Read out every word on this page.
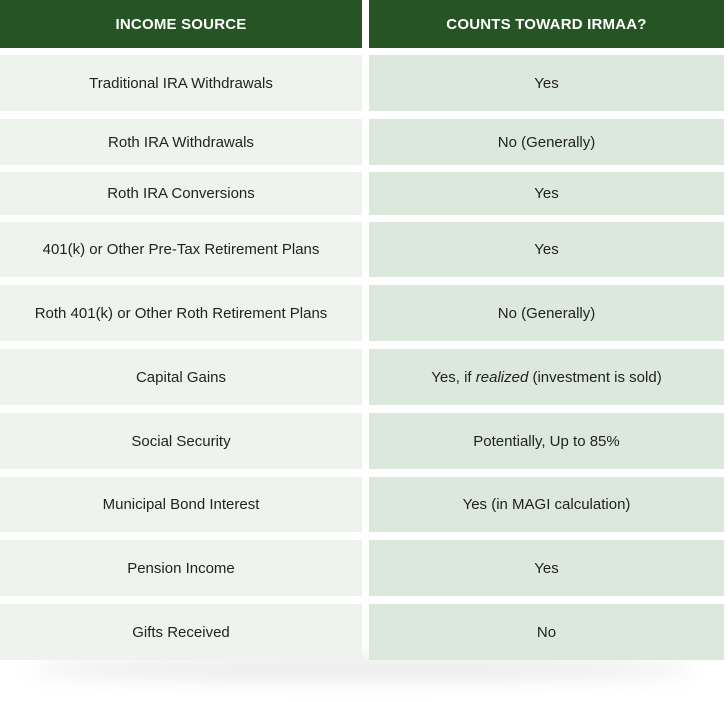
INCOME SOURCE	COUNTS TOWARD IRMAA?
Traditional IRA Withdrawals	Yes
Roth IRA Withdrawals	No (Generally)
Roth IRA Conversions	Yes
401(k) or Other Pre-Tax Retirement Plans	Yes
Roth 401(k) or Other Roth Retirement Plans	No (Generally)
Capital Gains	Yes, if realized (investment is sold)
Social Security	Potentially, Up to 85%
Municipal Bond Interest	Yes (in MAGI calculation)
Pension Income	Yes
Gifts Received	No
